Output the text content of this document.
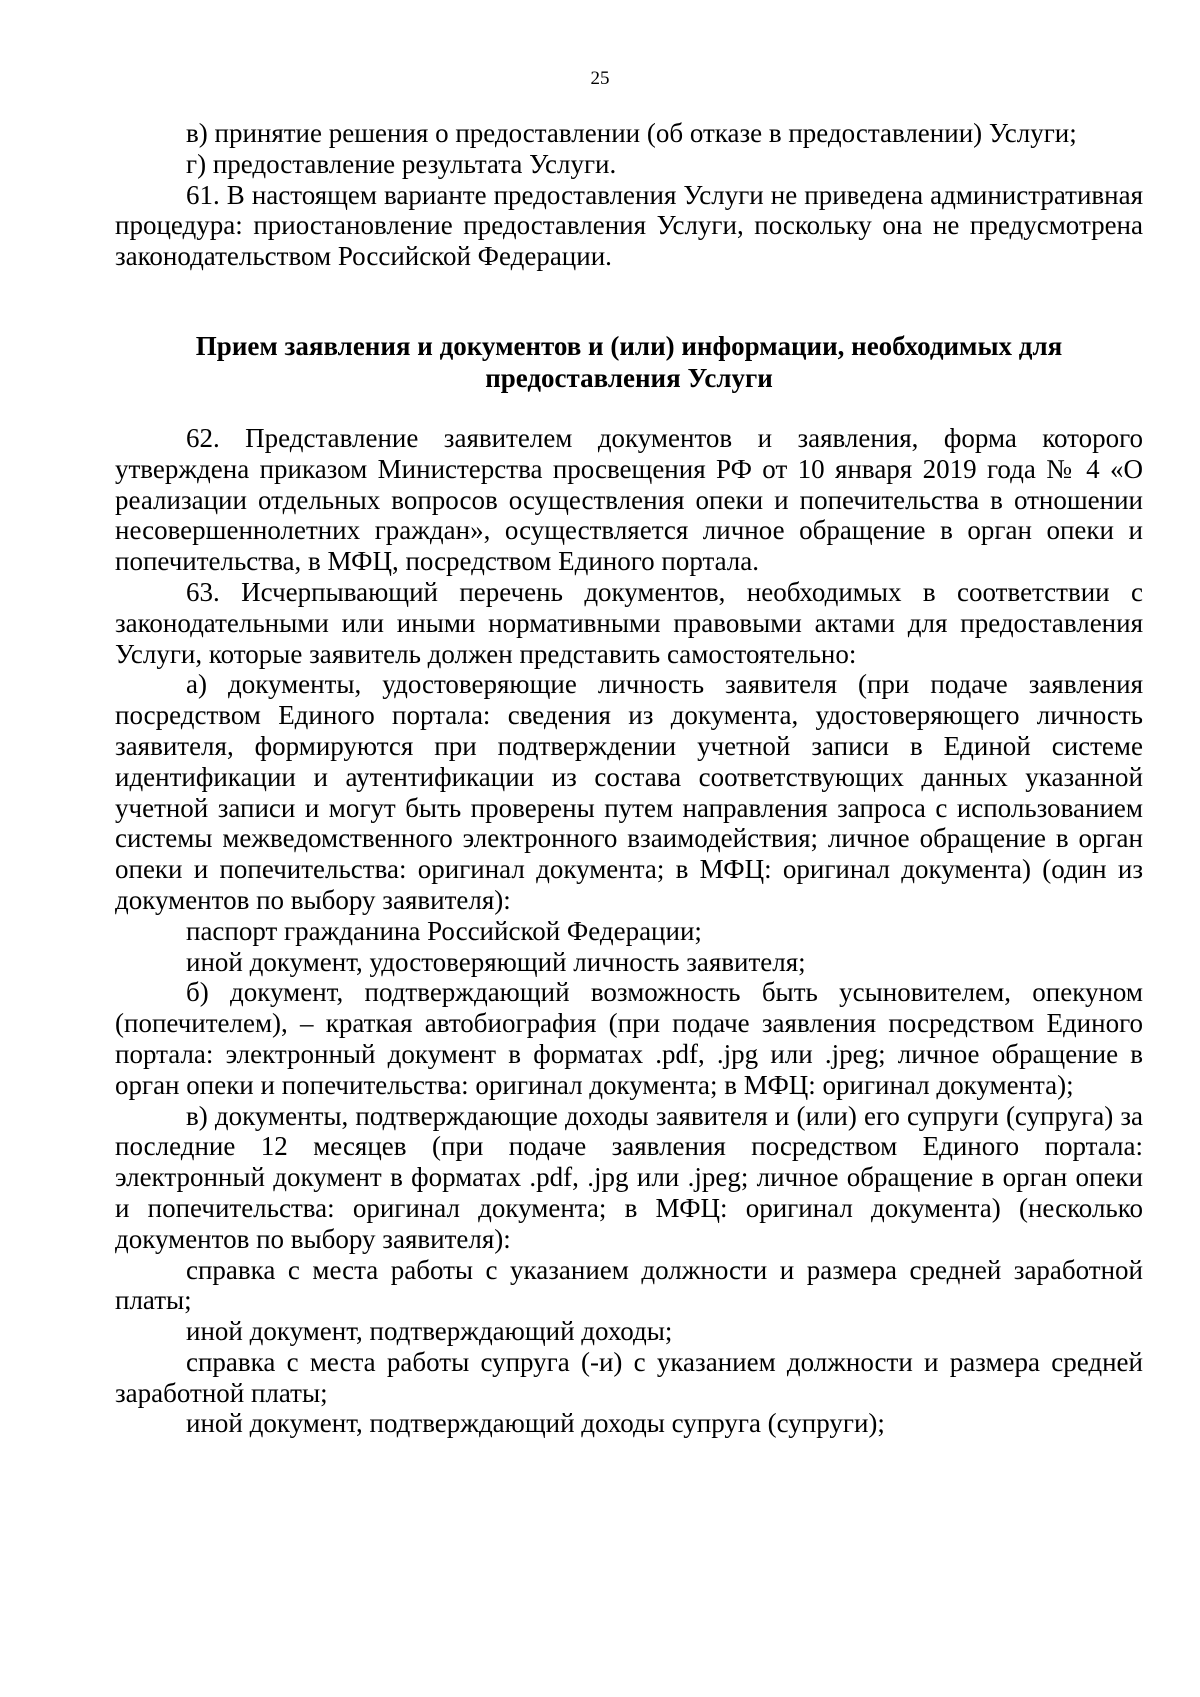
25

в) принятие решения о предоставлении (об отказе в предоставлении) Услуги;

г) предоставление результата Услуги.

61. В настоящем варианте предоставления Услуги не приведена административная процедура: приостановление предоставления Услуги, поскольку она не предусмотрена законодательством Российской Федерации.

Прием заявления и документов и (или) информации, необходимых для
предоставления Услуги

62. Представление заявителем документов и заявления, форма которого утверждена приказом Министерства просвещения РФ от 10 января 2019 года № 4 «О реализации отдельных вопросов осуществления опеки и попечительства в отношении несовершеннолетних граждан», осуществляется личное обращение в орган опеки и попечительства, в МФЦ, посредством Единого портала.

63. Исчерпывающий перечень документов, необходимых в соответствии с законодательными или иными нормативными правовыми актами для предоставления Услуги, которые заявитель должен представить самостоятельно:

а) документы, удостоверяющие личность заявителя (при подаче заявления посредством Единого портала: сведения из документа, удостоверяющего личность заявителя, формируются при подтверждении учетной записи в Единой системе идентификации и аутентификации из состава соответствующих данных указанной учетной записи и могут быть проверены путем направления запроса с использованием системы межведомственного электронного взаимодействия; личное обращение в орган опеки и попечительства: оригинал документа; в МФЦ: оригинал документа) (один из документов по выбору заявителя):

паспорт гражданина Российской Федерации;

иной документ, удостоверяющий личность заявителя;

б) документ, подтверждающий возможность быть усыновителем, опекуном (попечителем), – краткая автобиография (при подаче заявления посредством Единого портала: электронный документ в форматах .pdf, .jpg или .jpeg; личное обращение в орган опеки и попечительства: оригинал документа; в МФЦ: оригинал документа);

в) документы, подтверждающие доходы заявителя и (или) его супруги (супруга) за последние 12 месяцев (при подаче заявления посредством Единого портала: электронный документ в форматах .pdf, .jpg или .jpeg; личное обращение в орган опеки и попечительства: оригинал документа; в МФЦ: оригинал документа) (несколько документов по выбору заявителя):

справка с места работы с указанием должности и размера средней заработной платы;

иной документ, подтверждающий доходы;

справка с места работы супруга (-и) с указанием должности и размера средней заработной платы;

иной документ, подтверждающий доходы супруга (супруги);
